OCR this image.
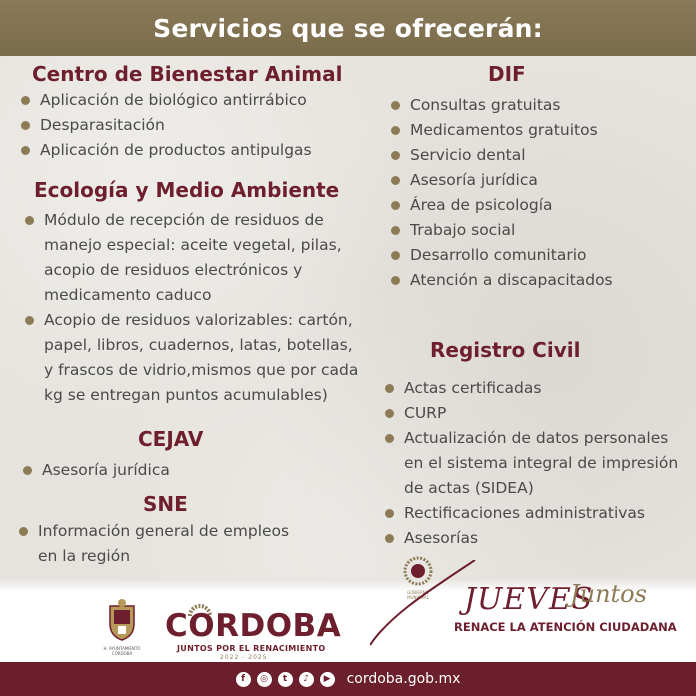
Servicios que se ofrecerán:
Centro de Bienestar Animal
Aplicación de biológico antirrábico
Desparasitación
Aplicación de productos antipulgas
Ecología y Medio Ambiente
Módulo de recepción de residuos de manejo especial: aceite vegetal, pilas, acopio de residuos electrónicos y medicamento caduco
Acopio de residuos valorizables: cartón, papel, libros, cuadernos, latas, botellas, y frascos de vidrio,mismos que por cada kg se entregan puntos acumulables)
CEJAV
Asesoría jurídica
SNE
Información general de empleos en la región
DIF
Consultas gratuitas
Medicamentos gratuitos
Servicio dental
Asesoría jurídica
Área de psicología
Trabajo social
Desarrollo comunitario
Atención a discapacitados
Registro Civil
Actas certificadas
CURP
Actualización de datos personales en el sistema integral de impresión de actas (SIDEA)
Rectificaciones administrativas
Asesorías
H. AYUNTAMIENTO CÓRDOBA
CORDOBA
JUNTOS POR EL RENACIMIENTO
2022 - 2025
GOBIERNO MUNICIPAL	JUEVES
Juntos
RENACE LA ATENCIÓN CIUDADANA
f	◎	t	♪	▶ cordoba.gob.mx
